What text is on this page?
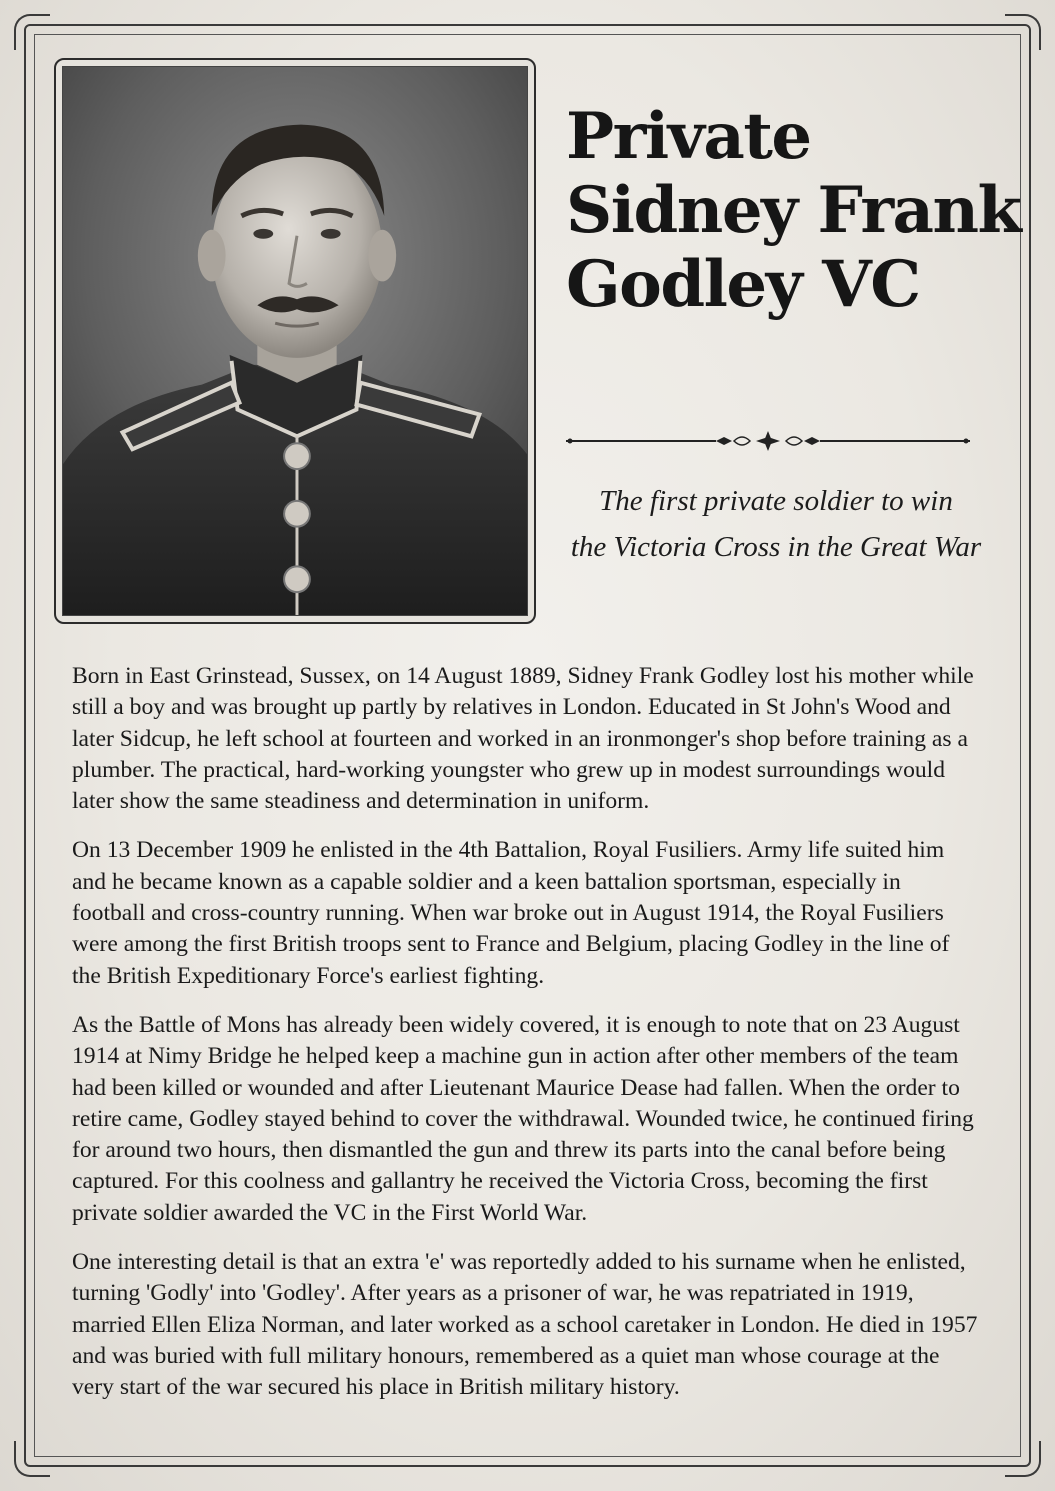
Private
Sidney Frank
Godley VC
The first private soldier to win
the Victoria Cross in the Great War

Born in East Grinstead, Sussex, on 14 August 1889, Sidney Frank Godley lost his mother while still a boy and was brought up partly by relatives in London. Educated in St John's Wood and later Sidcup, he left school at fourteen and worked in an ironmonger's shop before training as a plumber. The practical, hard-working youngster who grew up in modest surroundings would later show the same steadiness and determination in uniform.

On 13 December 1909 he enlisted in the 4th Battalion, Royal Fusiliers. Army life suited him and he became known as a capable soldier and a keen battalion sportsman, especially in football and cross-country running. When war broke out in August 1914, the Royal Fusiliers were among the first British troops sent to France and Belgium, placing Godley in the line of the British Expeditionary Force's earliest fighting.

As the Battle of Mons has already been widely covered, it is enough to note that on 23 August 1914 at Nimy Bridge he helped keep a machine gun in action after other members of the team had been killed or wounded and after Lieutenant Maurice Dease had fallen. When the order to retire came, Godley stayed behind to cover the withdrawal. Wounded twice, he continued firing for around two hours, then dismantled the gun and threw its parts into the canal before being captured. For this coolness and gallantry he received the Victoria Cross, becoming the first private soldier awarded the VC in the First World War.

One interesting detail is that an extra 'e' was reportedly added to his surname when he enlisted, turning 'Godly' into 'Godley'. After years as a prisoner of war, he was repatriated in 1919, married Ellen Eliza Norman, and later worked as a school caretaker in London. He died in 1957 and was buried with full military honours, remembered as a quiet man whose courage at the very start of the war secured his place in British military history.
